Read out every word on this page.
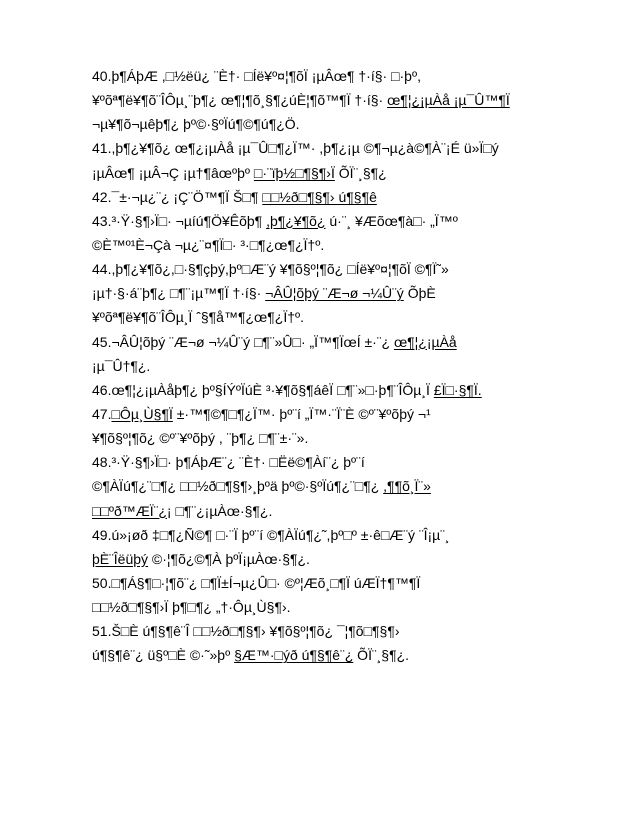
40.þ¶ÁþÆ ,□½ëü¿ ¨È†· □Íë¥º¤¦¶õÏ ¡µÂœ¶ †·í§· □·þº,
¥ºõª¶ë¥¶õ¨ÎÔµ¸¨þ¶¿ œ¶¦¶õ¸§¶¿úÈ¦¶õ™¶Ï †·í§· œ¶¦¿¡µÀå ¡µ¯Û™¶Ï
¬µ¥¶õ¬µêþ¶¿ þº©·§ºÏú¶©¶ú¶¿Ö.
41.,þ¶¿¥¶õ¿ œ¶¿¡µÀå ¡µ¯Û□¶¿Ï™· ,þ¶¿¡µ ©¶¬µ¿à©¶À¨¡É ü»Ï□ý
¡µÂœ¶ ¡µÂ¬Ç ¡µ†¶âœºþº □·¨ïþ½□¶§¶›Ï ÕÏ¨¸§¶¿
42.¯±·¬µ¿¨¿ ¡Ç¨Ö™¶Ï Š□¶ □□½ð□¶§¶› ú¶§¶ê
43.³·Ÿ·§¶›Ï□· ¬µíú¶Ö¥Êõþ¶ ,þ¶¿¥¶õ¿ ú·¨¸ ¥Æõœ¶à□· „Ï™º
©È™º¹È¬Çà ¬µ¿¨¤¶Ï□· ³·□¶¿œ¶¿Ï†º.
44.,þ¶¿¥¶õ¿,□·§¶çþý,þº□Æ¨ý ¥¶õ§º¦¶õ¿ □Íë¥º¤¦¶õÏ ©¶Ï˜»
¡µ†·§·á¨þ¶¿ □¶¨¡µ™¶Ï †·í§· ¬ÂÛ¦õþý ¨Æ¬ø ¬¼Û¨ý ÕþÈ
¥ºõª¶ë¥¶õ¨ÎÔµ¸Ï ˆ§¶å™¶¿œ¶¿Ï†º.
45.¬ÂÛ¦õþý ¨Æ¬ø ¬¼Û¨ý □¶¨»Û□· „Ï™¶ÏœÍ ±·¨¿ œ¶¦¿¡µÀå
¡µ¯Û†¶¿.
46.œ¶¦¿¡µÀåþ¶¿ þº§ÍÝºÏúÈ ³·¥¶õ§¶áêÏ □¶¨»□·þ¶¨ÎÔµ¸Ï £Ï□·§¶Ï.
47.□Ôµ¸Ù§¶Ï ±·™¶©¶□¶¿Ï™· þº¨í „Ï™·¨Ï¨È ©º¨¥ºõþý ¬¹
¥¶õ§º¦¶õ¿ ©º¨¥ºõþý , ¨þ¶¿ □¶¨±·¨».
48.³·Ÿ·§¶›Ï□· þ¶ÁþÆ¨¿ ¨È†· □Ëë©¶Àí¨¿ þº¨í
©¶ÀÏú¶¿¨□¶¿ □□½ð□¶§¶›¸þºä þº©·§ºÏú¶¿¨□¶¿ ,¶¶õ¸Ï¨»
□□ºð™ÆÏ¨¿¡ □¶¨¿¡µÀœ·§¶¿.
49.ú»¡øð ‡□¶¿Ñ©¶ □·¨Ï þº¨í ©¶ÀÏú¶¿˜,þº□º ±·ê□Æ¨ý ¨Î¡µ¨¸
þÈ¨Îëüþý ©·¦¶õ¿©¶À þºÏ¡µÀœ·§¶¿.
50.□¶Á§¶□·¦¶õ¨¿ □¶Ï±Í¬µ¿Û□· ©º¦Æõ¸□¶Ï úÆÏ†¶™¶Ï
□□½ð□¶§¶›Ï þ¶□¶¿ „†·Ôµ¸Ù§¶›.
51.Š□È ú¶§¶ê¨Î □□½ð□¶§¶› ¥¶õ§º¦¶õ¿ ¯¦¶õ□¶§¶›
ú¶§¶ê¨¿ ü§º□È ©·˜»þº §Æ™·□ýð ú¶§¶ê¨¿ ÕÏ¨¸§¶¿.
